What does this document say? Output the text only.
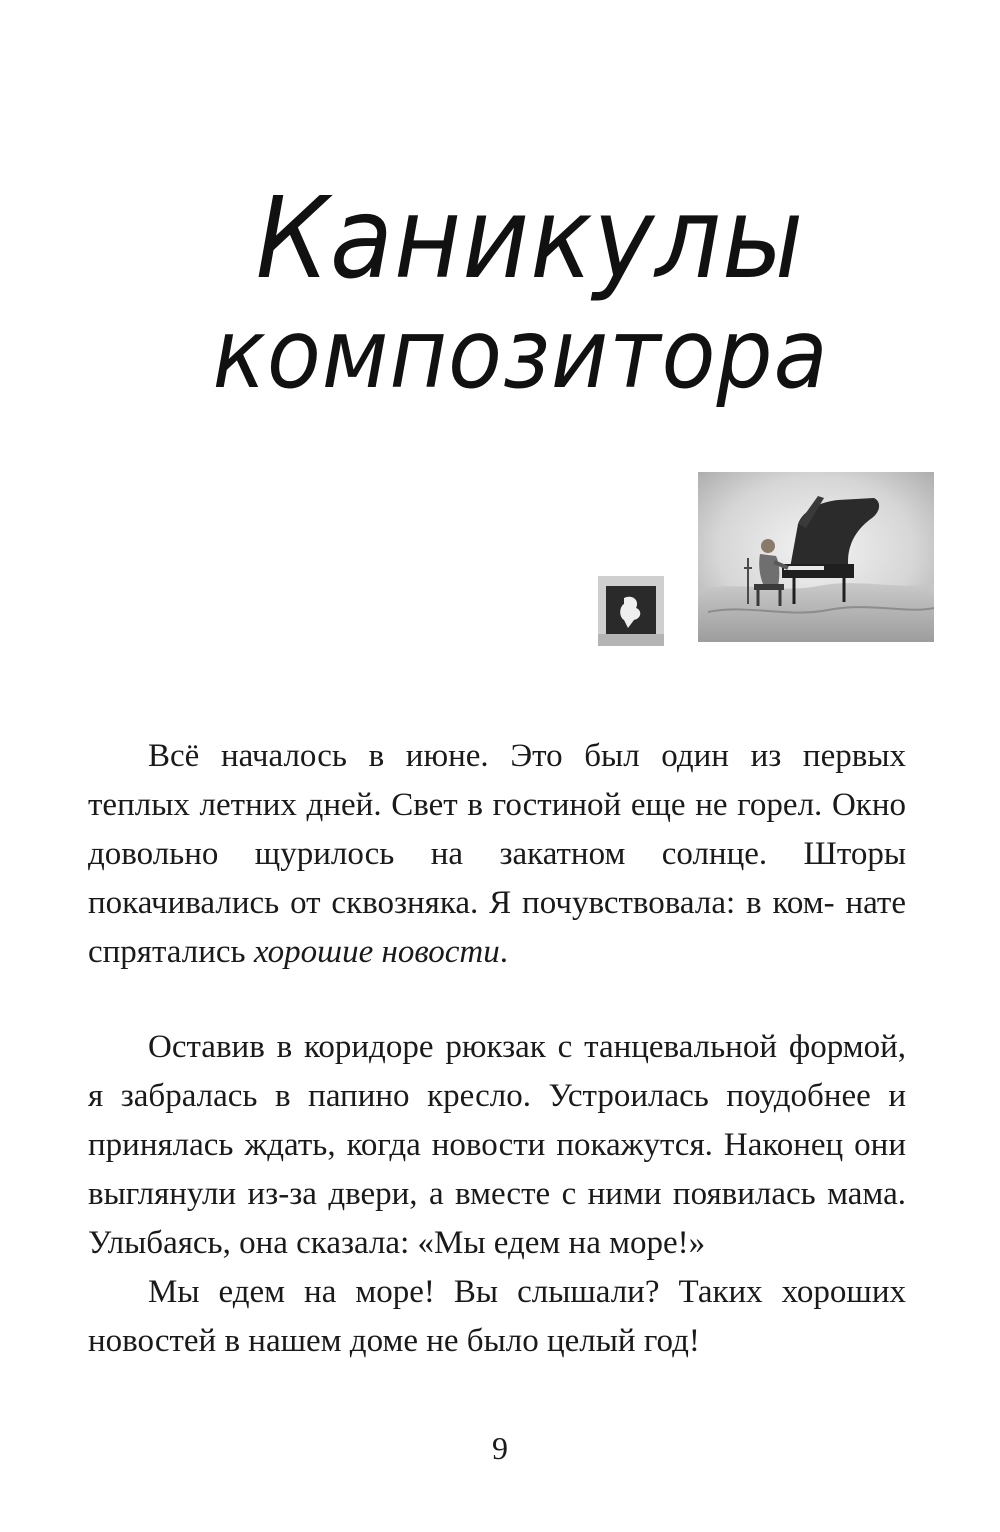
Каникулы
композитора

Всё началось в июне. Это был один из первых теплых летних дней. Свет в гостиной еще не горел. Окно довольно щурилось на закатном солнце. Шторы покачивались от сквозняка. Я почувствовала: в ком- нате спрятались хорошие новости.

Оставив в коридоре рюкзак с танцевальной формой, я забралась в папино кресло. Устроилась поудобнее и принялась ждать, когда новости покажутся. Наконец они выглянули из-за двери, а вместе с ними появилась мама. Улыбаясь, она сказала: «Мы едем на море!»

Мы едем на море! Вы слышали? Таких хороших новостей в нашем доме не было целый год!

9
